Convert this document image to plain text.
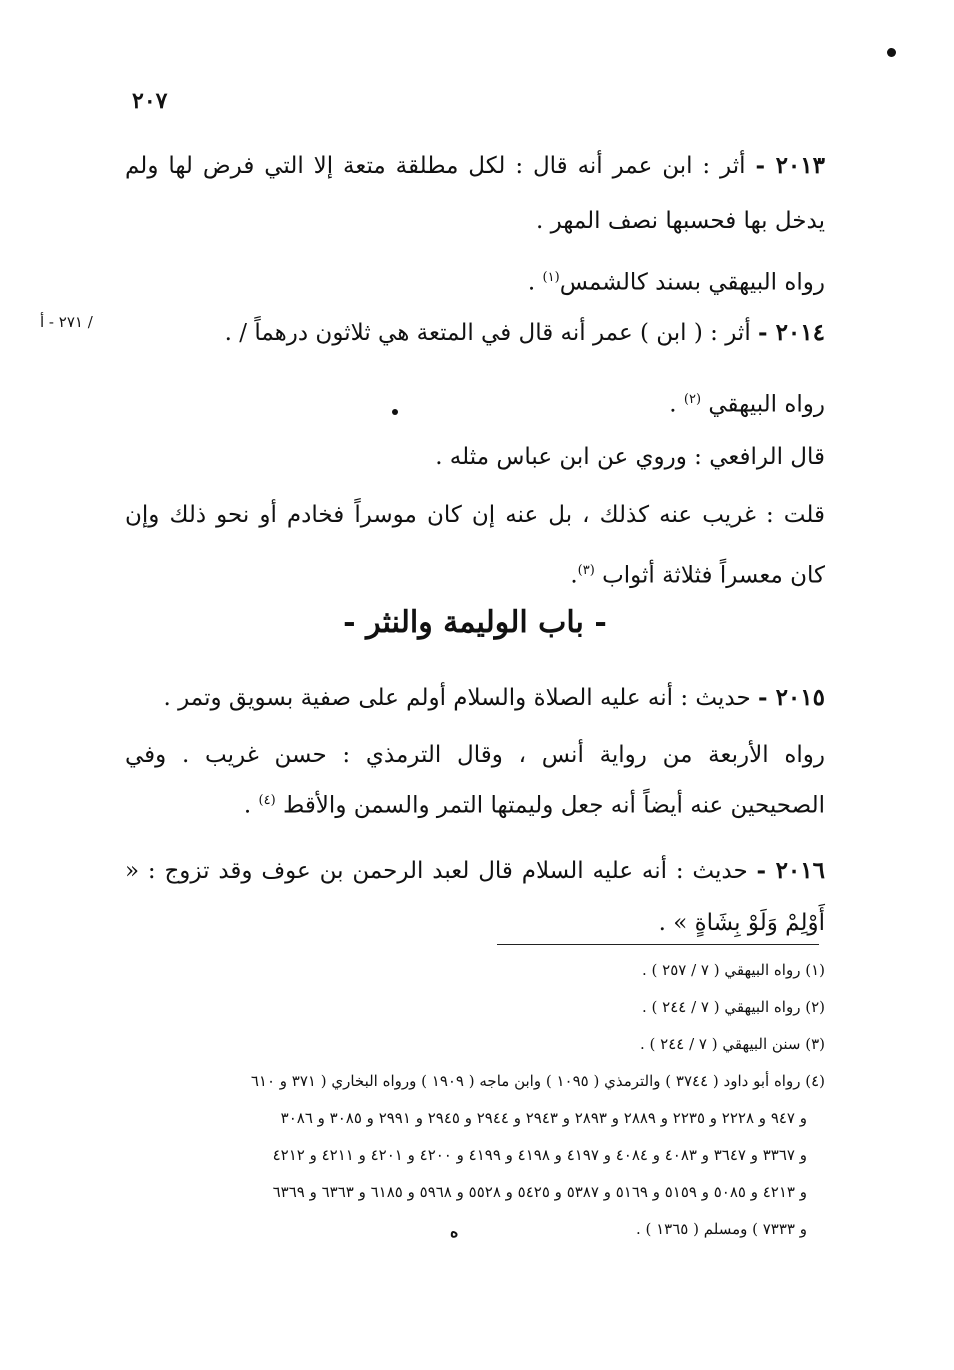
٢٠٧
/ ٢٧١ - أ
٢٠١٣ - أثر : ابن عمر أنه قال : لكل مطلقة متعة إلا التي فرض لها ولم يدخل بها فحسبها نصف المهر .
رواه البيهقي بسند كالشمس$^{(١)}$ .
٢٠١٤ - أثر : ( ابن ) عمر أنه قال في المتعة هي ثلاثون درهماً / .
رواه البيهقي $^{(٢)}$ .
قال الرافعي : وروي عن ابن عباس مثله .
قلت : غريب عنه كذلك ، بل عنه إن كان موسراً فخادم أو نحو ذلك وإن كان معسراً فثلاثة أثواب $^{(٣)}$.
- باب الوليمة والنثر -
٢٠١٥ - حديث : أنه عليه الصلاة والسلام أولم على صفية بسويق وتمر .
رواه الأربعة من رواية أنس ، وقال الترمذي : حسن غريب . وفي الصحيحين عنه أيضاً أنه جعل وليمتها التمر والسمن والأقط $^{(٤)}$ .
٢٠١٦ - حديث : أنه عليه السلام قال لعبد الرحمن بن عوف وقد تزوج : « أَوْلِمْ وَلَوْ بِشَاةٍ » .
(١) رواه البيهقي ( ٧ / ٢٥٧ ) .
(٢) رواه البيهقي ( ٧ / ٢٤٤ ) .
(٣) سنن البيهقي ( ٧ / ٢٤٤ ) .
(٤) رواه أبو داود ( ٣٧٤٤ ) والترمذي ( ١٠٩٥ ) وابن ماجه ( ١٩٠٩ ) ورواه البخاري ( ٣٧١ و ٦١٠
و ٩٤٧ و ٢٢٢٨ و ٢٢٣٥ و ٢٨٨٩ و ٢٨٩٣ و ٢٩٤٣ و ٢٩٤٤ و ٢٩٤٥ و ٢٩٩١ و ٣٠٨٥ و ٣٠٨٦
و ٣٣٦٧ و ٣٦٤٧ و ٤٠٨٣ و ٤٠٨٤ و ٤١٩٧ و ٤١٩٨ و ٤١٩٩ و ٤٢٠٠ و ٤٢٠١ و ٤٢١١ و ٤٢١٢
و ٤٢١٣ و ٥٠٨٥ و ٥١٥٩ و ٥١٦٩ و ٥٣٨٧ و ٥٤٢٥ و ٥٥٢٨ و ٥٩٦٨ و ٦١٨٥ و ٦٣٦٣ و ٦٣٦٩
و ٧٣٣٣ ) ومسلم ( ١٣٦٥ ) .
ه
